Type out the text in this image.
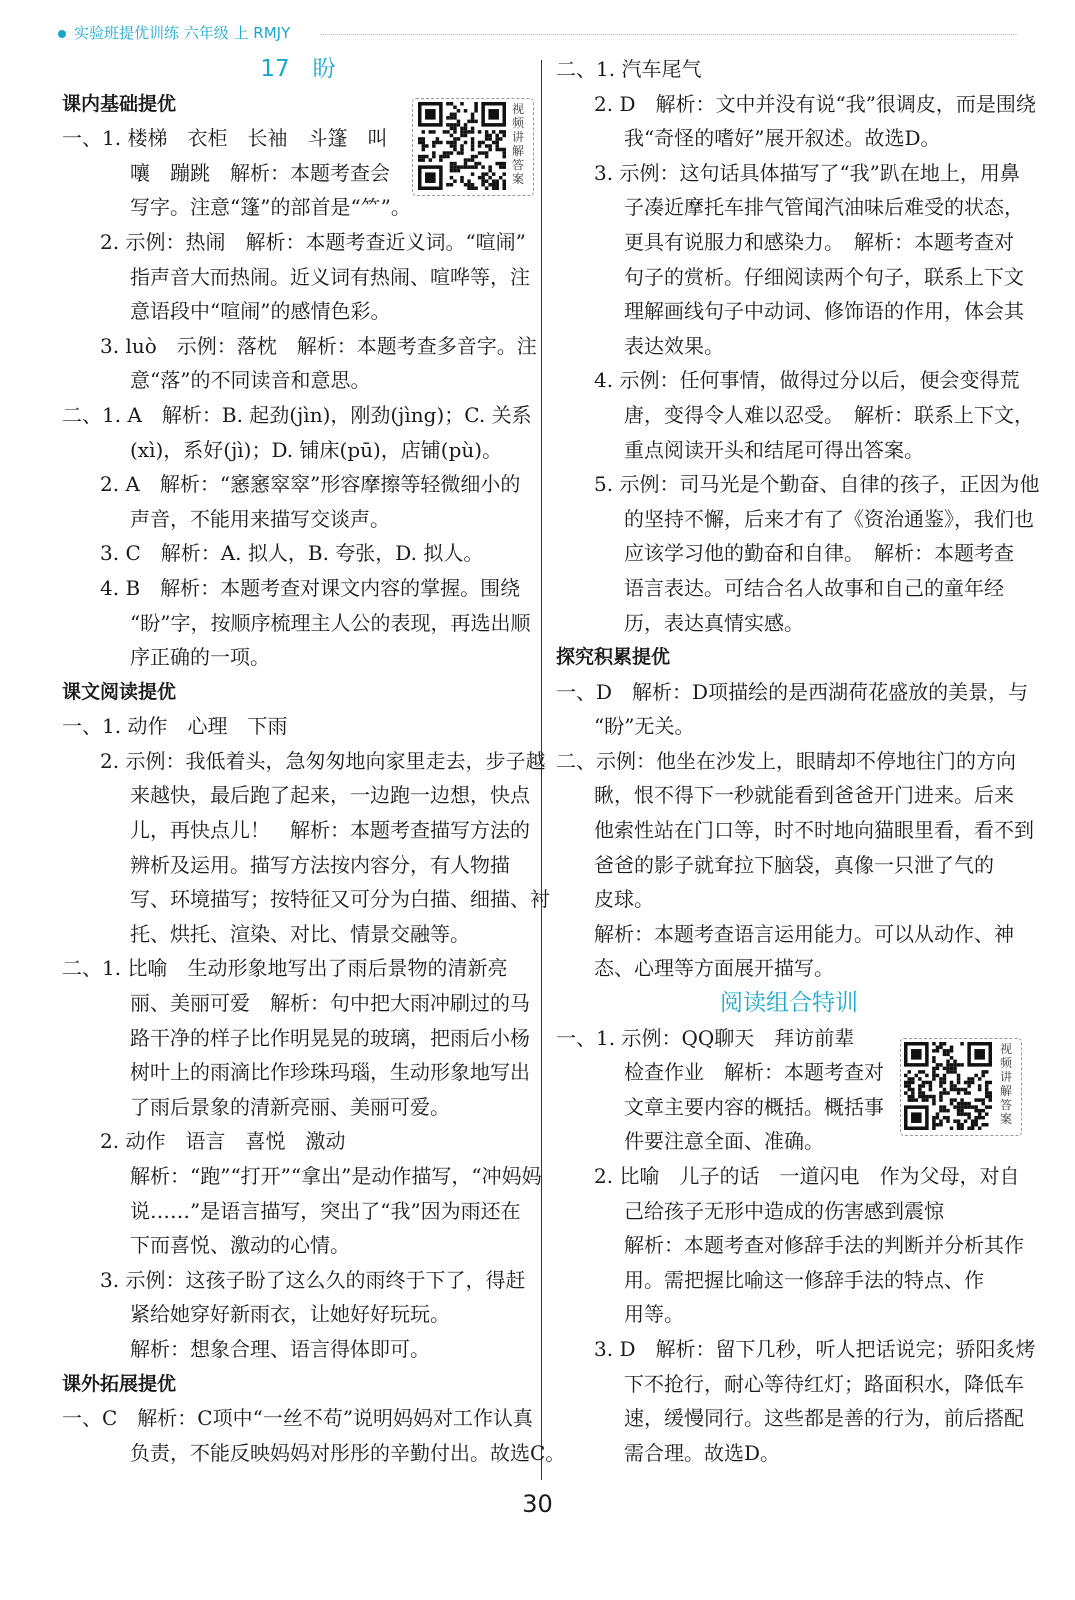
实验班提优训练 六年级 上 RMJY
17　盼
课内基础提优
一、1. 楼梯　衣柜　长袖　斗篷　叫
嚷　蹦跳　解析：本题考查会
写字。注意“篷”的部首是“⺮”。
2. 示例：热闹　解析：本题考查近义词。“喧闹”
指声音大而热闹。近义词有热闹、喧哗等，注
意语段中“喧闹”的感情色彩。
3. luò　示例：落枕　解析：本题考查多音字。注
意“落”的不同读音和意思。
二、1. A　解析：B. 起劲(jìn)，刚劲(jìng)；C. 关系
(xì)，系好(jì)；D. 铺床(pū)，店铺(pù)。
2. A　解析：“窸窸窣窣”形容摩擦等轻微细小的
声音，不能用来描写交谈声。
3. C　解析：A. 拟人，B. 夸张，D. 拟人。
4. B　解析：本题考查对课文内容的掌握。围绕
“盼”字，按顺序梳理主人公的表现，再选出顺
序正确的一项。
课文阅读提优
一、1. 动作　心理　下雨
2. 示例：我低着头，急匆匆地向家里走去，步子越
来越快，最后跑了起来，一边跑一边想，快点
儿，再快点儿！　解析：本题考查描写方法的
辨析及运用。描写方法按内容分，有人物描
写、环境描写；按特征又可分为白描、细描、衬
托、烘托、渲染、对比、情景交融等。
二、1. 比喻　生动形象地写出了雨后景物的清新亮
丽、美丽可爱　解析：句中把大雨冲刷过的马
路干净的样子比作明晃晃的玻璃，把雨后小杨
树叶上的雨滴比作珍珠玛瑙，生动形象地写出
了雨后景象的清新亮丽、美丽可爱。
2. 动作　语言　喜悦　激动
解析：“跑”“打开”“拿出”是动作描写，“冲妈妈
说……”是语言描写，突出了“我”因为雨还在
下而喜悦、激动的心情。
3. 示例：这孩子盼了这么久的雨终于下了，得赶
紧给她穿好新雨衣，让她好好玩玩。
解析：想象合理、语言得体即可。
课外拓展提优
一、C　解析：C项中“一丝不苟”说明妈妈对工作认真
负责，不能反映妈妈对彤彤的辛勤付出。故选C。
二、1. 汽车尾气
2. D　解析：文中并没有说“我”很调皮，而是围绕
我“奇怪的嗜好”展开叙述。故选D。
3. 示例：这句话具体描写了“我”趴在地上，用鼻
子凑近摩托车排气管闻汽油味后难受的状态，
更具有说服力和感染力。　解析：本题考查对
句子的赏析。仔细阅读两个句子，联系上下文
理解画线句子中动词、修饰语的作用，体会其
表达效果。
4. 示例：任何事情，做得过分以后，便会变得荒
唐，变得令人难以忍受。　解析：联系上下文，
重点阅读开头和结尾可得出答案。
5. 示例：司马光是个勤奋、自律的孩子，正因为他
的坚持不懈，后来才有了《资治通鉴》，我们也
应该学习他的勤奋和自律。　解析：本题考查
语言表达。可结合名人故事和自己的童年经
历，表达真情实感。
探究积累提优
一、D　解析：D项描绘的是西湖荷花盛放的美景，与
“盼”无关。
二、示例：他坐在沙发上，眼睛却不停地往门的方向
瞅，恨不得下一秒就能看到爸爸开门进来。后来
他索性站在门口等，时不时地向猫眼里看，看不到
爸爸的影子就耷拉下脑袋，真像一只泄了气的
皮球。
解析：本题考查语言运用能力。可以从动作、神
态、心理等方面展开描写。
阅读组合特训
一、1. 示例：QQ聊天　拜访前辈
检查作业　解析：本题考查对
文章主要内容的概括。概括事
件要注意全面、准确。
2. 比喻　儿子的话　一道闪电　作为父母，对自
己给孩子无形中造成的伤害感到震惊
解析：本题考查对修辞手法的判断并分析其作
用。需把握比喻这一修辞手法的特点、作
用等。
3. D　解析：留下几秒，听人把话说完；骄阳炙烤
下不抢行，耐心等待红灯；路面积水，降低车
速，缓慢同行。这些都是善的行为，前后搭配
需合理。故选D。
视频讲解答案
视频讲解答案
30
